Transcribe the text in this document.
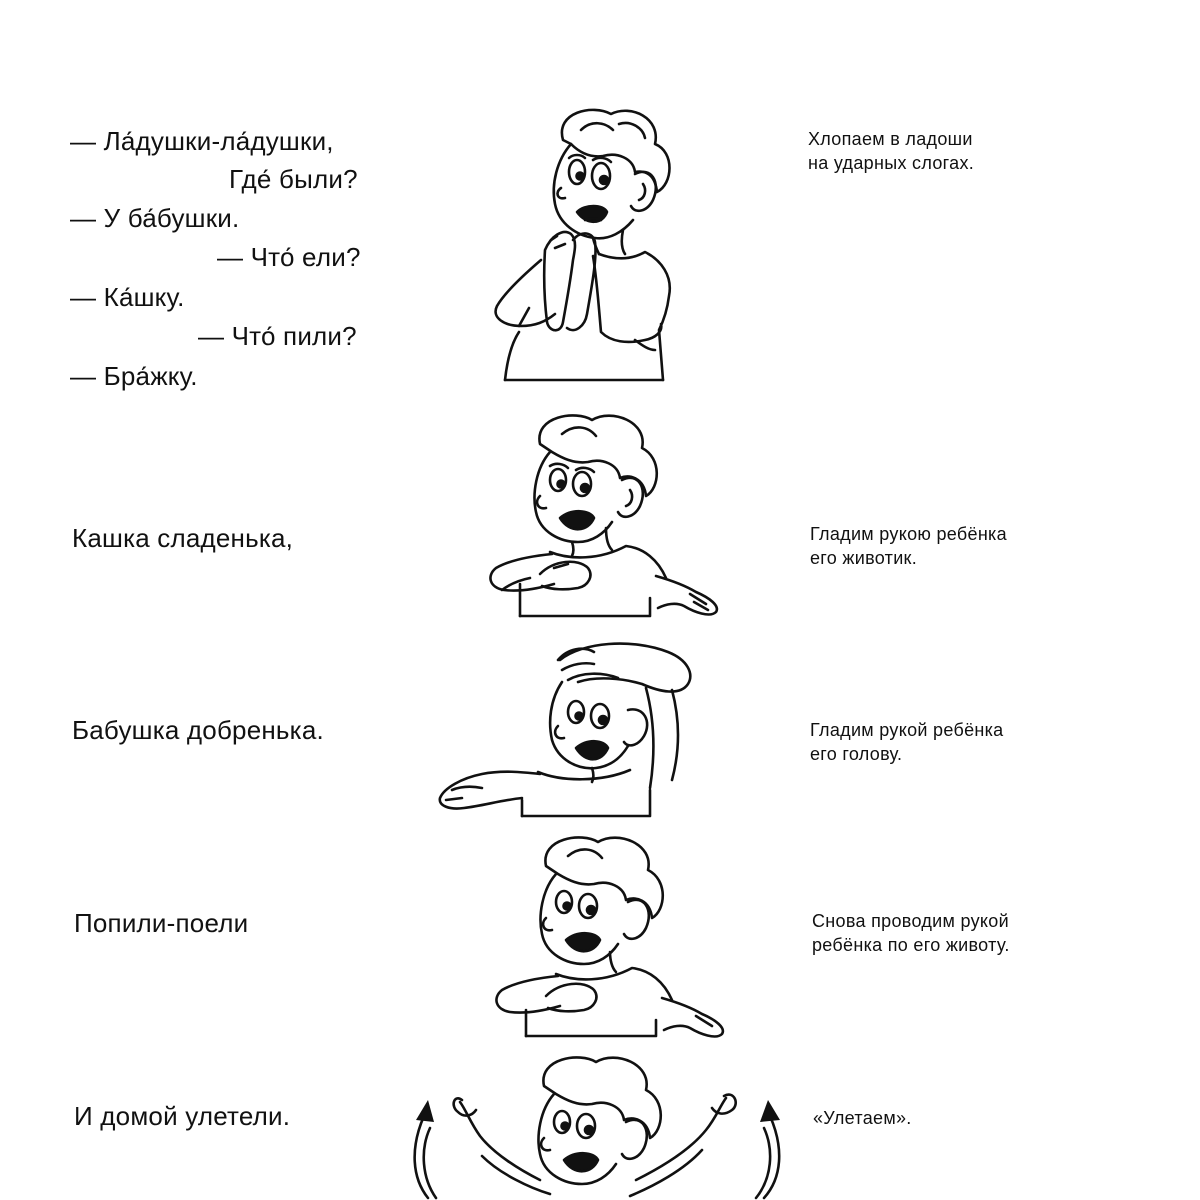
— Ла́душки-ла́душки,
Где́ были?
— У ба́бушки.
— Что́ ели?
— Ка́шку.
— Что́ пили?
— Бра́жку.
Кашка сладенька,
Бабушка добренька.
Попили-поели
И домой улетели.
Хлопаем в ладоши
на ударных слогах.
Гладим рукою ребёнка
его животик.
Гладим рукой ребёнка
его голову.
Снова проводим рукой
ребёнка по его животу.
«Улетаем».
